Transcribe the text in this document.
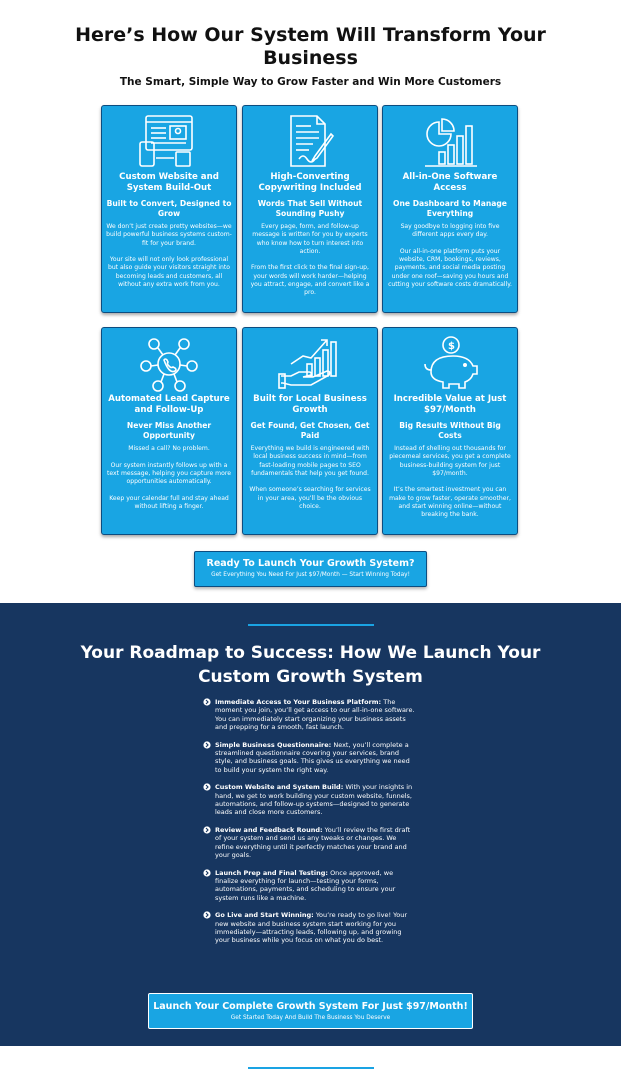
Here’s How Our System Will Transform Your Business
The Smart, Simple Way to Grow Faster and Win More Customers
Custom Website and System Build-Out
Built to Convert, Designed to Grow
We don’t just create pretty websites—we build powerful business systems custom-fit for your brand.

Your site will not only look professional but also guide your visitors straight into becoming leads and customers, all without any extra work from you.
High-Converting Copywriting Included
Words That Sell Without Sounding Pushy
Every page, form, and follow-up message is written for you by experts who know how to turn interest into action.

From the first click to the final sign-up, your words will work harder—helping you attract, engage, and convert like a pro.
All-in-One Software Access
One Dashboard to Manage Everything
Say goodbye to logging into five different apps every day.

Our all-in-one platform puts your website, CRM, bookings, reviews, payments, and social media posting under one roof—saving you hours and cutting your software costs dramatically.
Automated Lead Capture and Follow-Up
Never Miss Another Opportunity
Missed a call? No problem.

Our system instantly follows up with a text message, helping you capture more opportunities automatically.

Keep your calendar full and stay ahead without lifting a finger.
Built for Local Business Growth
Get Found, Get Chosen, Get Paid
Everything we build is engineered with local business success in mind—from fast-loading mobile pages to SEO fundamentals that help you get found.

When someone’s searching for services in your area, you’ll be the obvious choice.
$
Incredible Value at Just $97/Month
Big Results Without Big Costs
Instead of shelling out thousands for piecemeal services, you get a complete business-building system for just $97/month.

It’s the smartest investment you can make to grow faster, operate smoother, and start winning online—without breaking the bank.
Ready To Launch Your Growth System?
Get Everything You Need For Just $97/Month — Start Winning Today!
Your Roadmap to Success: How We Launch Your Custom Growth System
Immediate Access to Your Business Platform: The moment you join, you’ll get access to our all-in-one software. You can immediately start organizing your business assets and prepping for a smooth, fast launch.
Simple Business Questionnaire: Next, you’ll complete a streamlined questionnaire covering your services, brand style, and business goals. This gives us everything we need to build your system the right way.
Custom Website and System Build: With your insights in hand, we get to work building your custom website, funnels, automations, and follow-up systems—designed to generate leads and close more customers.
Review and Feedback Round: You’ll review the first draft of your system and send us any tweaks or changes. We refine everything until it perfectly matches your brand and your goals.
Launch Prep and Final Testing: Once approved, we finalize everything for launch—testing your forms, automations, payments, and scheduling to ensure your system runs like a machine.
Go Live and Start Winning: You’re ready to go live! Your new website and business system start working for you immediately—attracting leads, following up, and growing your business while you focus on what you do best.
Launch Your Complete Growth System For Just $97/Month!
Get Started Today And Build The Business You Deserve
